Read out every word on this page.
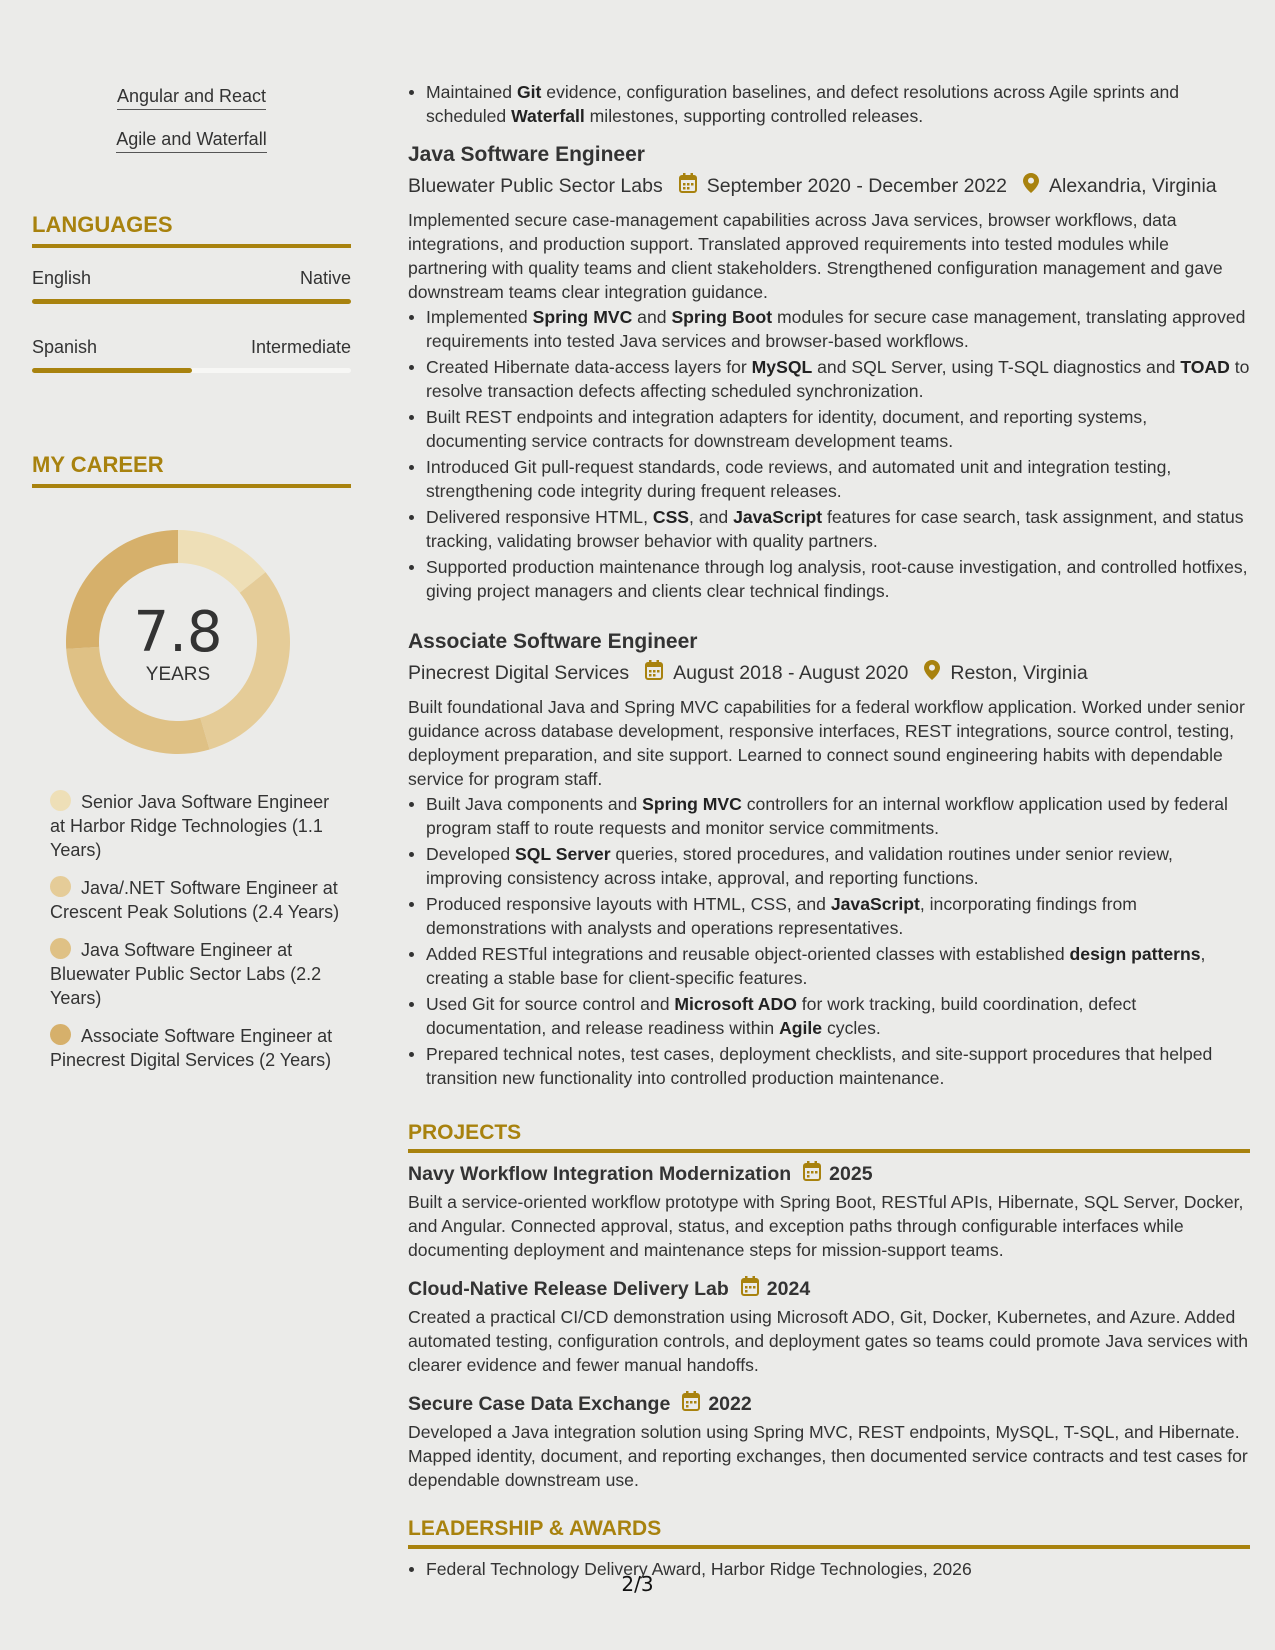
Angular and React
Agile and Waterfall
LANGUAGES
English	Native
Spanish	Intermediate
MY CAREER
7.8
YEARS
Senior Java Software Engineer at Harbor Ridge Technologies (1.1 Years)
Java/.NET Software Engineer at Crescent Peak Solutions (2.4 Years)
Java Software Engineer at Bluewater Public Sector Labs (2.2 Years)
Associate Software Engineer at Pinecrest Digital Services (2 Years)
Maintained Git evidence, configuration baselines, and defect resolutions across Agile sprints and scheduled Waterfall milestones, supporting controlled releases.
Java Software Engineer
Bluewater Public Sector Labs September 2020 - December 2022 Alexandria, Virginia
Implemented secure case-management capabilities across Java services, browser workflows, data integrations, and production support. Translated approved requirements into tested modules while partnering with quality teams and client stakeholders. Strengthened configuration management and gave downstream teams clear integration guidance.
Implemented Spring MVC and Spring Boot modules for secure case management, translating approved requirements into tested Java services and browser-based workflows.
Created Hibernate data-access layers for MySQL and SQL Server, using T-SQL diagnostics and TOAD to resolve transaction defects affecting scheduled synchronization.
Built REST endpoints and integration adapters for identity, document, and reporting systems, documenting service contracts for downstream development teams.
Introduced Git pull-request standards, code reviews, and automated unit and integration testing, strengthening code integrity during frequent releases.
Delivered responsive HTML, CSS, and JavaScript features for case search, task assignment, and status tracking, validating browser behavior with quality partners.
Supported production maintenance through log analysis, root-cause investigation, and controlled hotfixes, giving project managers and clients clear technical findings.
Associate Software Engineer
Pinecrest Digital Services August 2018 - August 2020 Reston, Virginia
Built foundational Java and Spring MVC capabilities for a federal workflow application. Worked under senior guidance across database development, responsive interfaces, REST integrations, source control, testing, deployment preparation, and site support. Learned to connect sound engineering habits with dependable service for program staff.
Built Java components and Spring MVC controllers for an internal workflow application used by federal program staff to route requests and monitor service commitments.
Developed SQL Server queries, stored procedures, and validation routines under senior review, improving consistency across intake, approval, and reporting functions.
Produced responsive layouts with HTML, CSS, and JavaScript, incorporating findings from demonstrations with analysts and operations representatives.
Added RESTful integrations and reusable object-oriented classes with established design patterns, creating a stable base for client-specific features.
Used Git for source control and Microsoft ADO for work tracking, build coordination, defect documentation, and release readiness within Agile cycles.
Prepared technical notes, test cases, deployment checklists, and site-support procedures that helped transition new functionality into controlled production maintenance.
PROJECTS
Navy Workflow Integration Modernization 2025
Built a service-oriented workflow prototype with Spring Boot, RESTful APIs, Hibernate, SQL Server, Docker, and Angular. Connected approval, status, and exception paths through configurable interfaces while documenting deployment and maintenance steps for mission-support teams.
Cloud-Native Release Delivery Lab 2024
Created a practical CI/CD demonstration using Microsoft ADO, Git, Docker, Kubernetes, and Azure. Added automated testing, configuration controls, and deployment gates so teams could promote Java services with clearer evidence and fewer manual handoffs.
Secure Case Data Exchange 2022
Developed a Java integration solution using Spring MVC, REST endpoints, MySQL, T-SQL, and Hibernate. Mapped identity, document, and reporting exchanges, then documented service contracts and test cases for dependable downstream use.
LEADERSHIP & AWARDS
Federal Technology Delivery Award, Harbor Ridge Technologies, 2026
2/3
